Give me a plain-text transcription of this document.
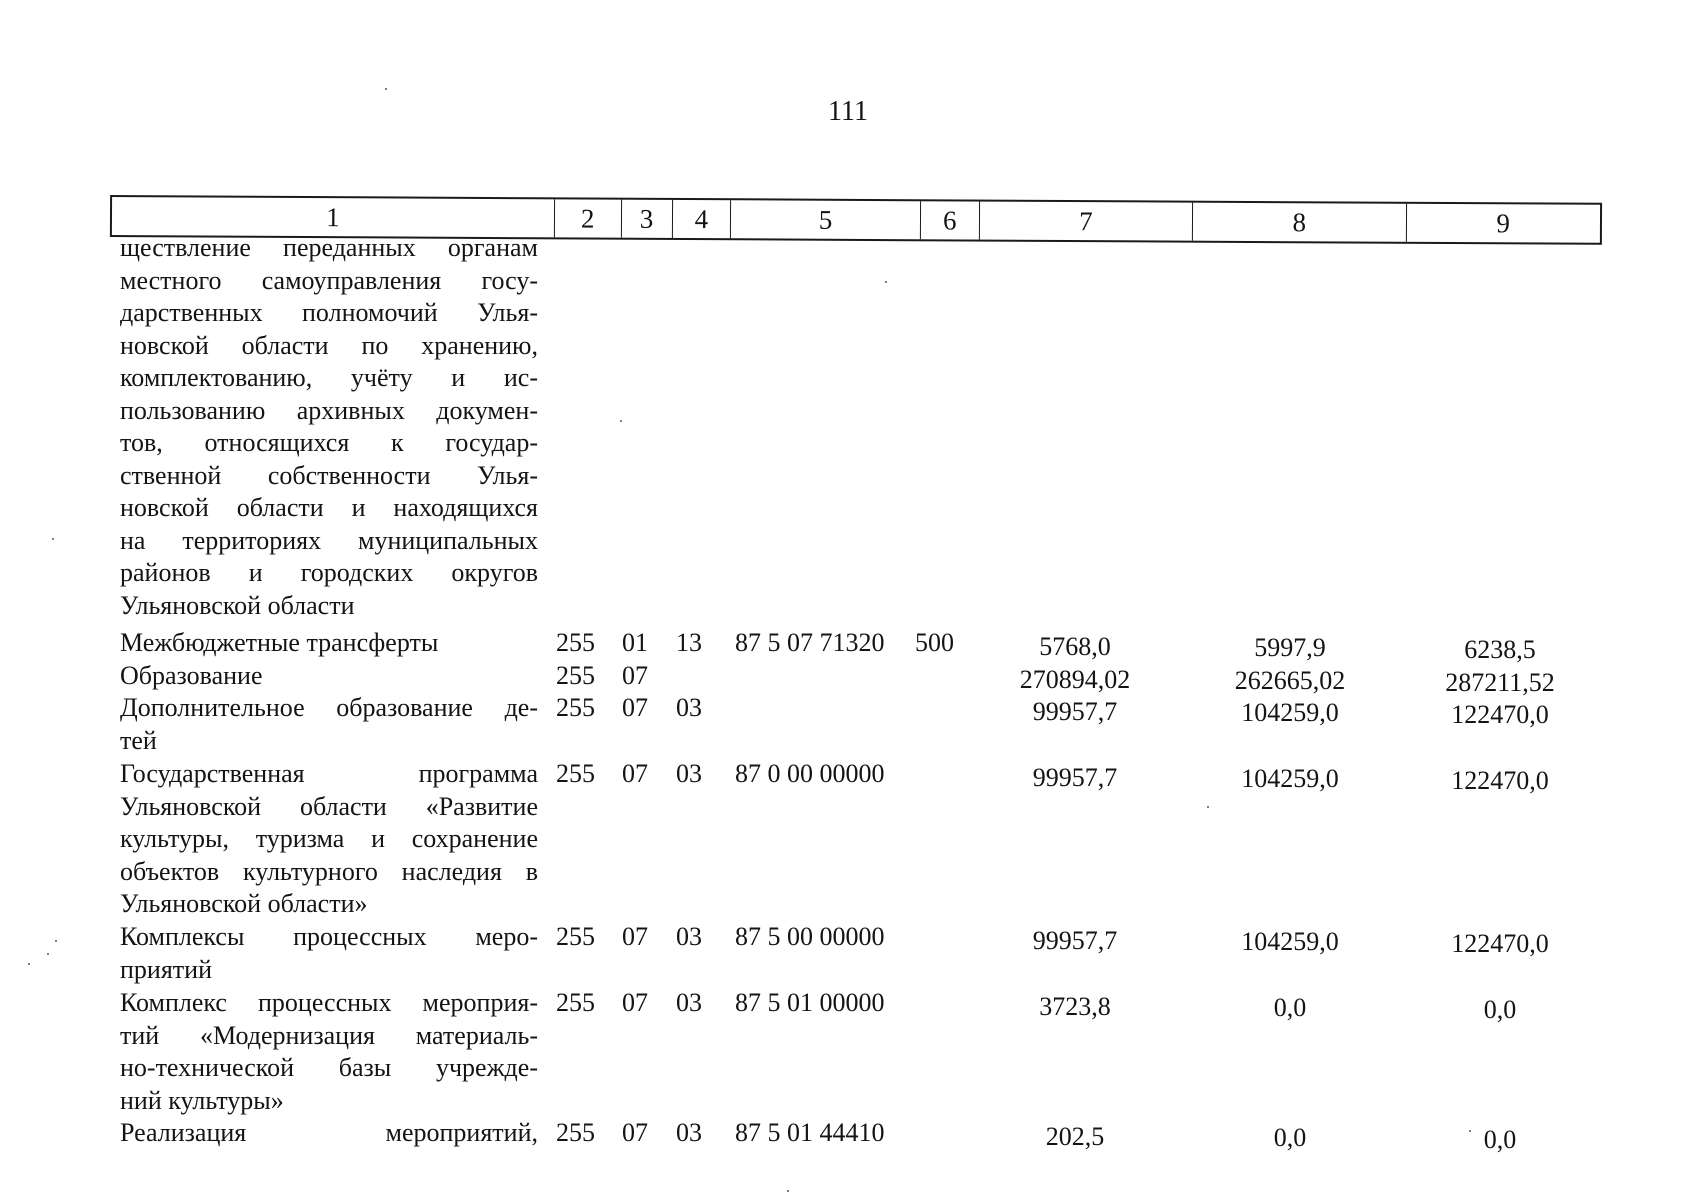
111
1	2	3	4	5	6	7	8	9
ществление переданных органам
местного самоуправления госу-
дарственных полномочий Улья-
новской области по хранению,
комплектованию, учёту и ис-
пользованию архивных докумен-
тов, относящихся к государ-
ственной собственности Улья-
новской области и находящихся
на территориях муниципальных
районов и городских округов
Ульяновской области
Межбюджетные трансферты	255 01 13 87 5 07 71320 500	5768,0	5997,9	6238,5
Образование	255 07	270894,02	262665,02	287211,52
Дополнительное образование де-
тей
255 07 03	99957,7	104259,0	122470,0
Государственная программа
Ульяновской области «Развитие
культуры, туризма и сохранение
объектов культурного наследия в
Ульяновской области»
255 07 03 87 0 00 00000	99957,7	104259,0	122470,0
Комплексы процессных меро-
приятий
255 07 03 87 5 00 00000	99957,7	104259,0	122470,0
Комплекс процессных мероприя-
тий «Модернизация материаль-
но-технической базы учрежде-
ний культуры»
255 07 03 87 5 01 00000	3723,8	0,0	0,0
Реализация мероприятий, 255 07 03 87 5 01 44410	202,5	0,0	0,0
